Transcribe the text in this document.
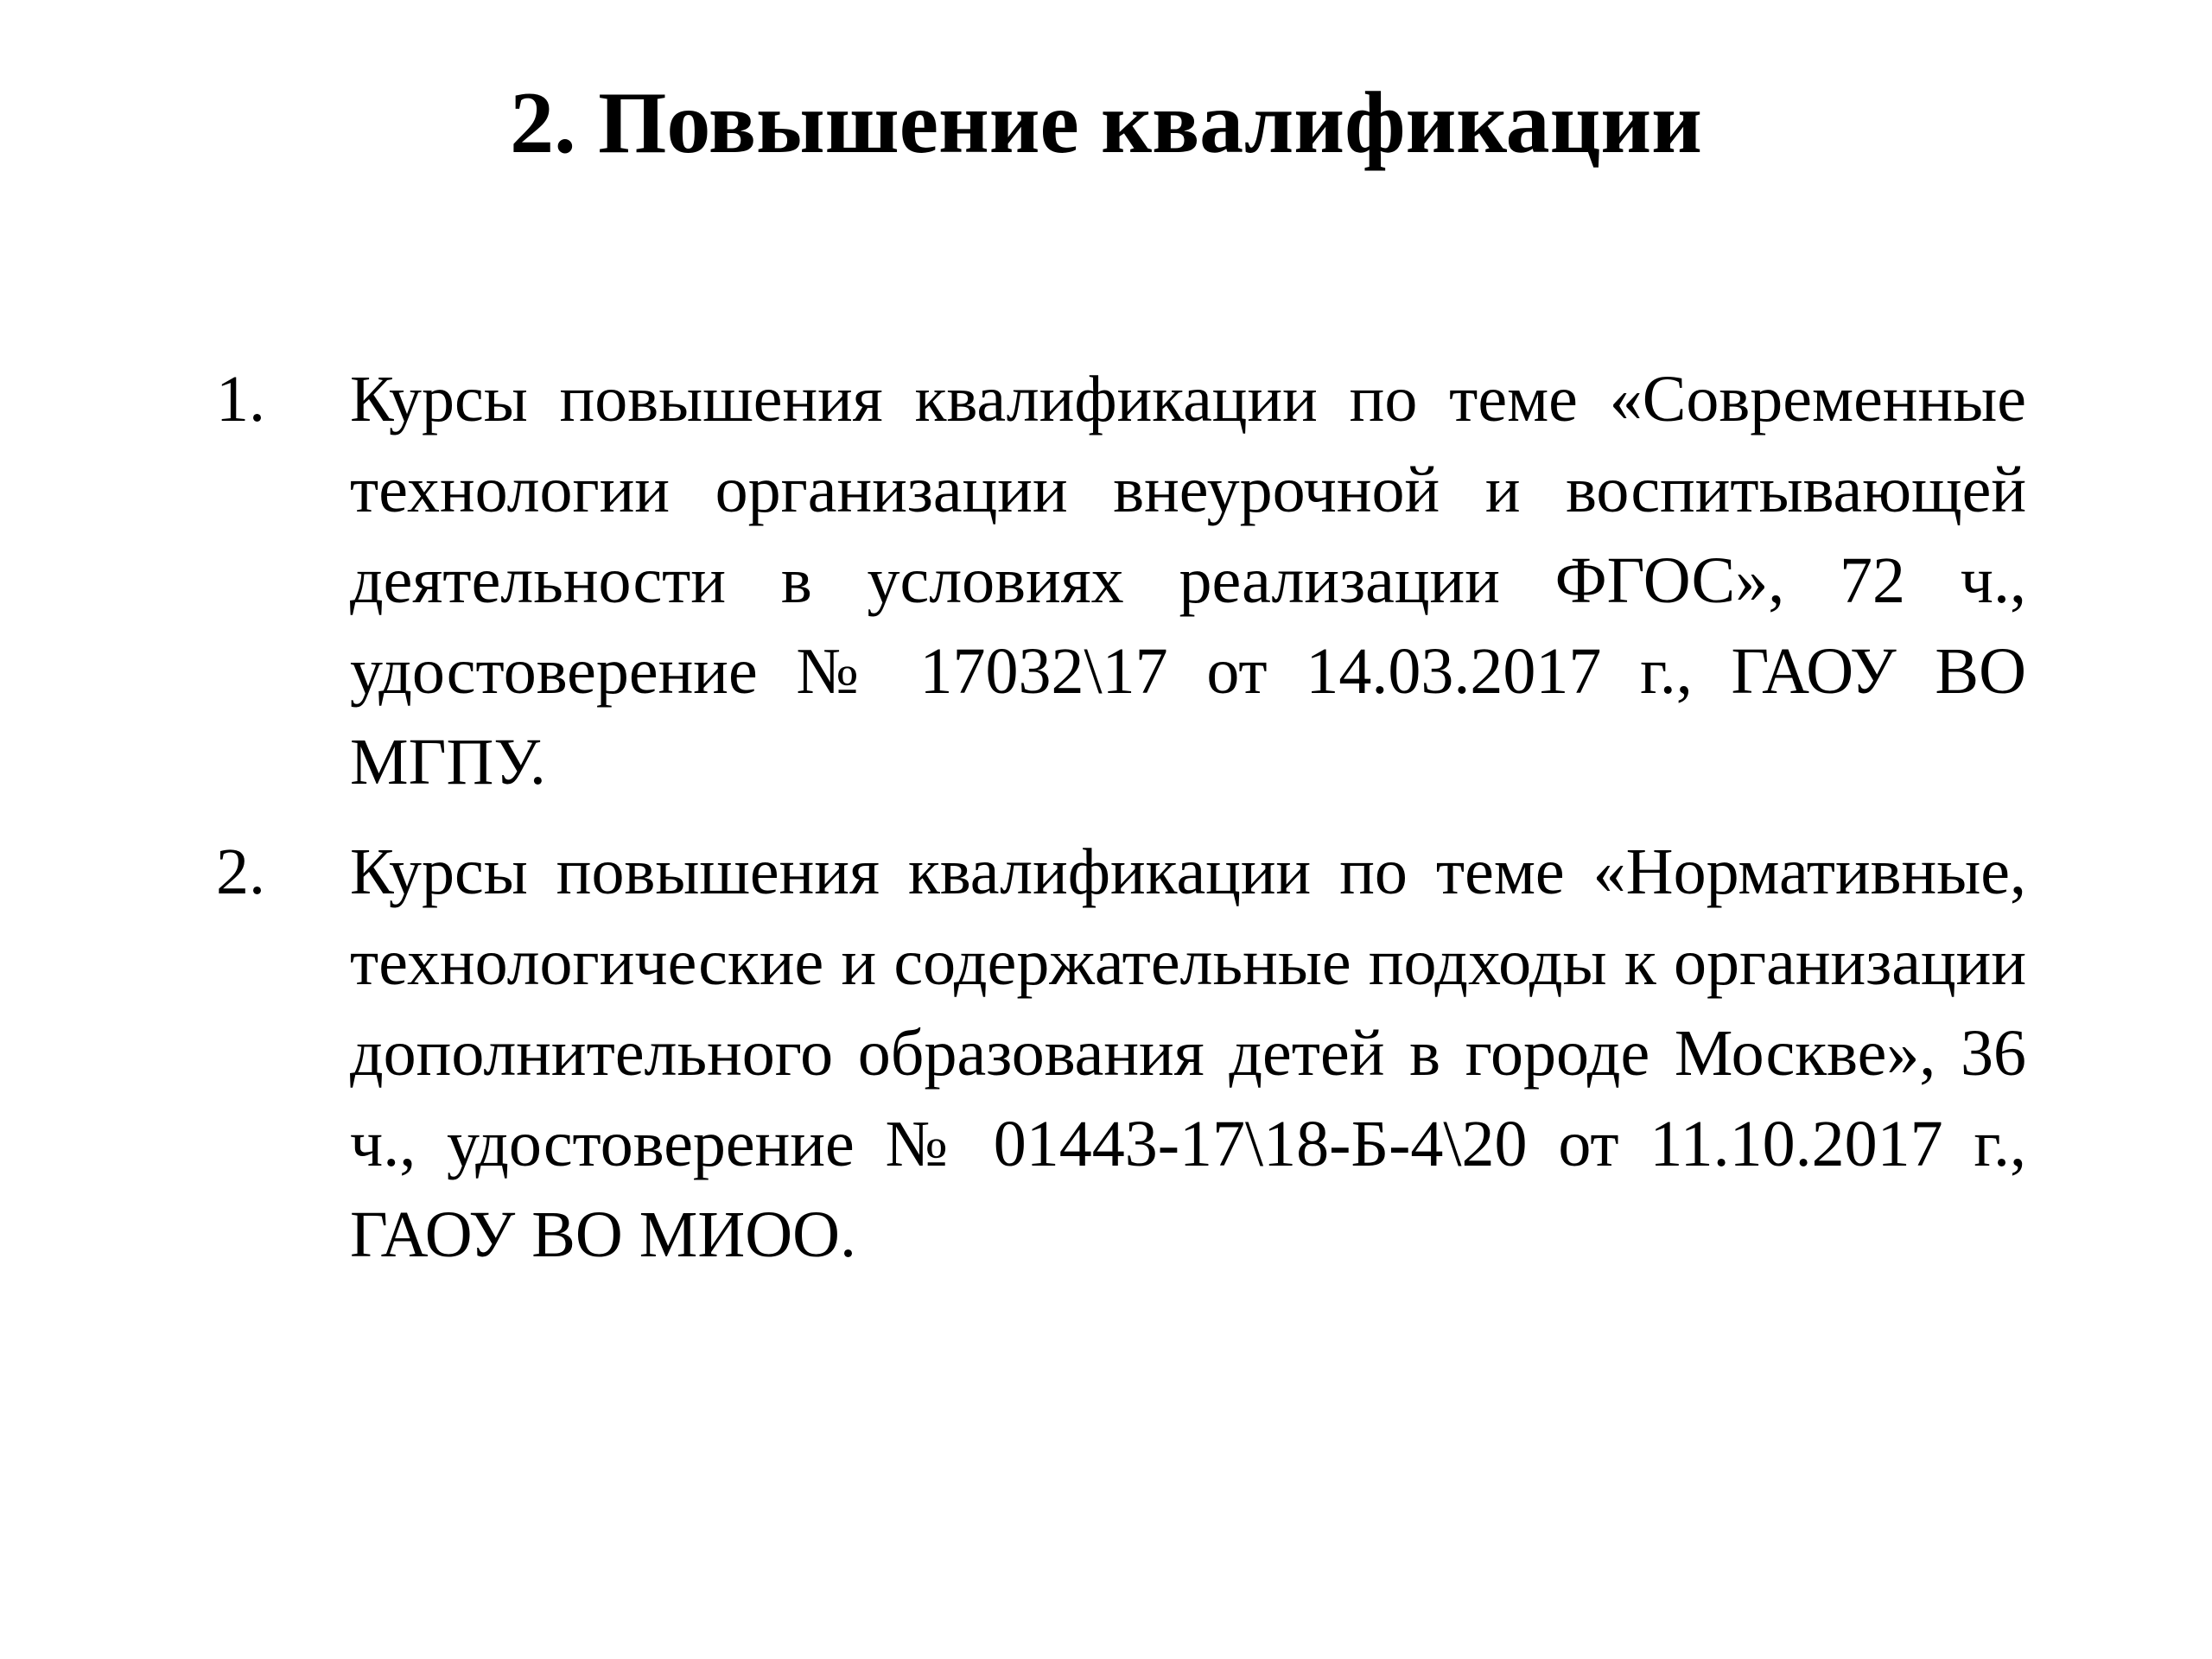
2. Повышение квалификации
1. Курсы повышения квалификации по теме «Современные технологии организации внеурочной и воспитывающей деятельности в условиях реализации ФГОС», 72 ч., удостоверение № 17032\17 от 14.03.2017 г., ГАОУ ВО МГПУ.
2. Курсы повышения квалификации по теме «Нормативные, технологические и содержательные подходы к организации дополнительного образования детей в городе Москве», 36 ч., удостоверение № 01443-17\18-Б-4\20 от 11.10.2017 г., ГАОУ ВО МИОО.
